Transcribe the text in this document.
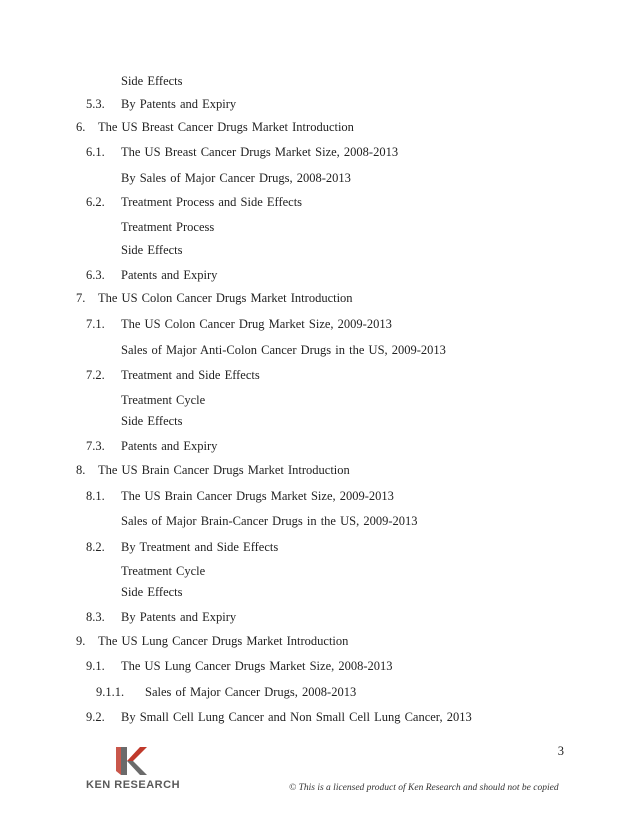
Side Effects
5.3. By Patents and Expiry
6. The US Breast Cancer Drugs Market Introduction
6.1. The US Breast Cancer Drugs Market Size, 2008-2013
By Sales of Major Cancer Drugs, 2008-2013
6.2. Treatment Process and Side Effects
Treatment Process
Side Effects
6.3. Patents and Expiry
7. The US Colon Cancer Drugs Market Introduction
7.1. The US Colon Cancer Drug Market Size, 2009-2013
Sales of Major Anti-Colon Cancer Drugs in the US, 2009-2013
7.2. Treatment and Side Effects
Treatment Cycle
Side Effects
7.3. Patents and Expiry
8. The US Brain Cancer Drugs Market Introduction
8.1. The US Brain Cancer Drugs Market Size, 2009-2013
Sales of Major Brain-Cancer Drugs in the US, 2009-2013
8.2. By Treatment and Side Effects
Treatment Cycle
Side Effects
8.3. By Patents and Expiry
9. The US Lung Cancer Drugs Market Introduction
9.1. The US Lung Cancer Drugs Market Size, 2008-2013
9.1.1. Sales of Major Cancer Drugs, 2008-2013
9.2. By Small Cell Lung Cancer and Non Small Cell Lung Cancer, 2013
3
KEN RESEARCH	© This is a licensed product of Ken Research and should not be copied
